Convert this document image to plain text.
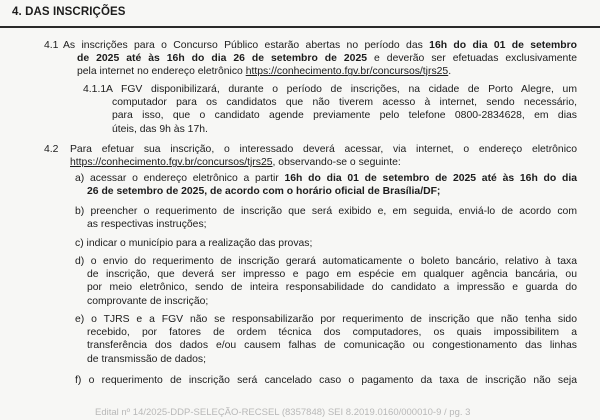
4. DAS INSCRIÇÕES
4.1 As inscrições para o Concurso Público estarão abertas no período das 16h do dia 01 de setembro
de 2025 até às 16h do dia 26 de setembro de 2025 e deverão ser efetuadas exclusivamente
pela internet no endereço eletrônico https://conhecimento.fgv.br/concursos/tjrs25.
4.1.1 A FGV disponibilizará, durante o período de inscrições, na cidade de Porto Alegre, um
computador para os candidatos que não tiverem acesso à internet, sendo necessário,
para isso, que o candidato agende previamente pelo telefone 0800-2834628, em dias
úteis, das 9h às 17h.
4.2 Para efetuar sua inscrição, o interessado deverá acessar, via internet, o endereço eletrônico
https://conhecimento.fgv.br/concursos/tjrs25, observando-se o seguinte:
a) acessar o endereço eletrônico a partir 16h do dia 01 de setembro de 2025 até às 16h do dia
26 de setembro de 2025, de acordo com o horário oficial de Brasília/DF;
b) preencher o requerimento de inscrição que será exibido e, em seguida, enviá-lo de acordo com
as respectivas instruções;
c) indicar o município para a realização das provas;
d) o envio do requerimento de inscrição gerará automaticamente o boleto bancário, relativo à taxa
de inscrição, que deverá ser impresso e pago em espécie em qualquer agência bancária, ou
por meio eletrônico, sendo de inteira responsabilidade do candidato a impressão e guarda do
comprovante de inscrição;
e) o TJRS e a FGV não se responsabilizarão por requerimento de inscrição que não tenha sido
recebido, por fatores de ordem técnica dos computadores, os quais impossibilitem a
transferência dos dados e/ou causem falhas de comunicação ou congestionamento das linhas
de transmissão de dados;
f) o requerimento de inscrição será cancelado caso o pagamento da taxa de inscrição não seja
Edital nº 14/2025-DDP-SELEÇÃO-RECSEL (8357848) SEI 8.2019.0160/000010-9 / pg. 3
